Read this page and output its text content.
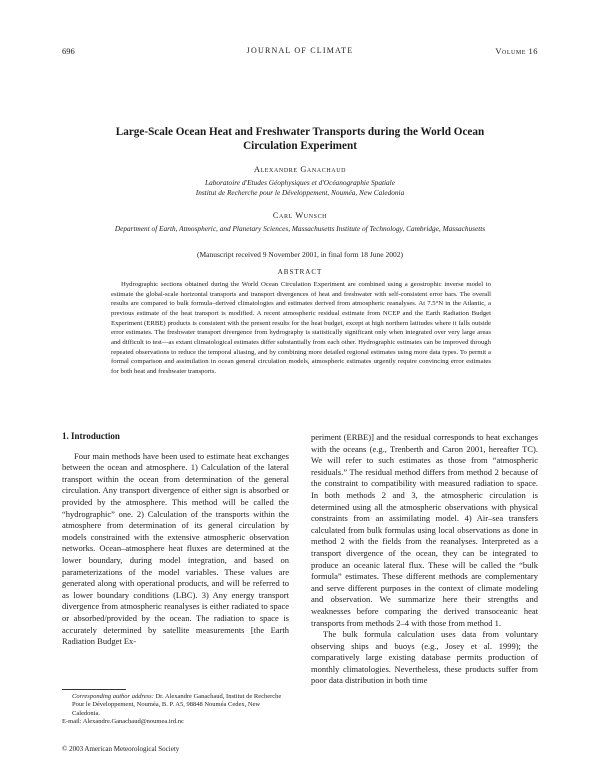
696	JOURNAL OF CLIMATE	Volume 16
Large-Scale Ocean Heat and Freshwater Transports during the World Ocean
Circulation Experiment
Alexandre Ganachaud
Laboratoire d'Etudes Géophysiques et d'Océanographie Spatiale
Institut de Recherche pour le Développement, Nouméa, New Caledonia
Carl Wunsch
Department of Earth, Atmospheric, and Planetary Sciences, Massachusetts Institute of Technology, Cambridge, Massachusetts
(Manuscript received 9 November 2001, in final form 18 June 2002)
ABSTRACT
Hydrographic sections obtained during the World Ocean Circulation Experiment are combined using a geostrophic inverse model to estimate the global-scale horizontal transports and transport divergences of heat and freshwater with self-consistent error bars. The overall results are compared to bulk formula–derived climatologies and estimates derived from atmospheric reanalyses. At 7.5°N in the Atlantic, a previous estimate of the heat transport is modified. A recent atmospheric residual estimate from NCEP and the Earth Radiation Budget Experiment (ERBE) products is consistent with the present results for the heat budget, except at high northern latitudes where it falls outside error estimates. The freshwater transport divergence from hydrography is statistically significant only when integrated over very large areas and difficult to test—as extant climatological estimates differ substantially from each other. Hydrographic estimates can be improved through repeated observations to reduce the temporal aliasing, and by combining more detailed regional estimates using more data types. To permit a formal comparison and assimilation in ocean general circulation models, atmospheric estimates urgently require convincing error estimates for both heat and freshwater transports.
1. Introduction

Four main methods have been used to estimate heat exchanges between the ocean and atmosphere. 1) Calculation of the lateral transport within the ocean from determination of the general circulation. Any transport divergence of either sign is absorbed or provided by the atmosphere. This method will be called the “hydrographic” one. 2) Calculation of the transports within the atmosphere from determination of its general circulation by models constrained with the extensive atmospheric observation networks. Ocean–atmosphere heat fluxes are determined at the lower boundary, during model integration, and based on parameterizations of the model variables. These values are generated along with operational products, and will be referred to as lower boundary conditions (LBC). 3) Any energy transport divergence from atmospheric reanalyses is either radiated to space or absorbed/provided by the ocean. The radiation to space is accurately determined by satellite measurements [the Earth Radiation Budget Ex-

periment (ERBE)] and the residual corresponds to heat exchanges with the oceans (e.g., Trenberth and Caron 2001, hereafter TC). We will refer to such estimates as those from “atmospheric residuals.” The residual method differs from method 2 because of the constraint to compatibility with measured radiation to space. In both methods 2 and 3, the atmospheric circulation is determined using all the atmospheric observations with physical constraints from an assimilating model. 4) Air–sea transfers calculated from bulk formulas using local observations as done in method 2 with the fields from the reanalyses. Interpreted as a transport divergence of the ocean, they can be integrated to produce an oceanic lateral flux. These will be called the “bulk formula” estimates. These different methods are complementary and serve different purposes in the context of climate modeling and observation. We summarize here their strengths and weaknesses before comparing the derived transoceanic heat transports from methods 2–4 with those from method 1.

The bulk formula calculation uses data from voluntary observing ships and buoys (e.g., Josey et al. 1999); the comparatively large existing database permits production of monthly climatologies. Nevertheless, these products suffer from poor data distribution in both time

Corresponding author address: Dr. Alexandre Ganachaud, Institut de Recherche Pour le Développement, Nouméa, B. P. A5, 98848 Nouméa Cedex, New Caledonia.
E-mail: Alexandre.Ganachaud@noumea.ird.nc
© 2003 American Meteorological Society
